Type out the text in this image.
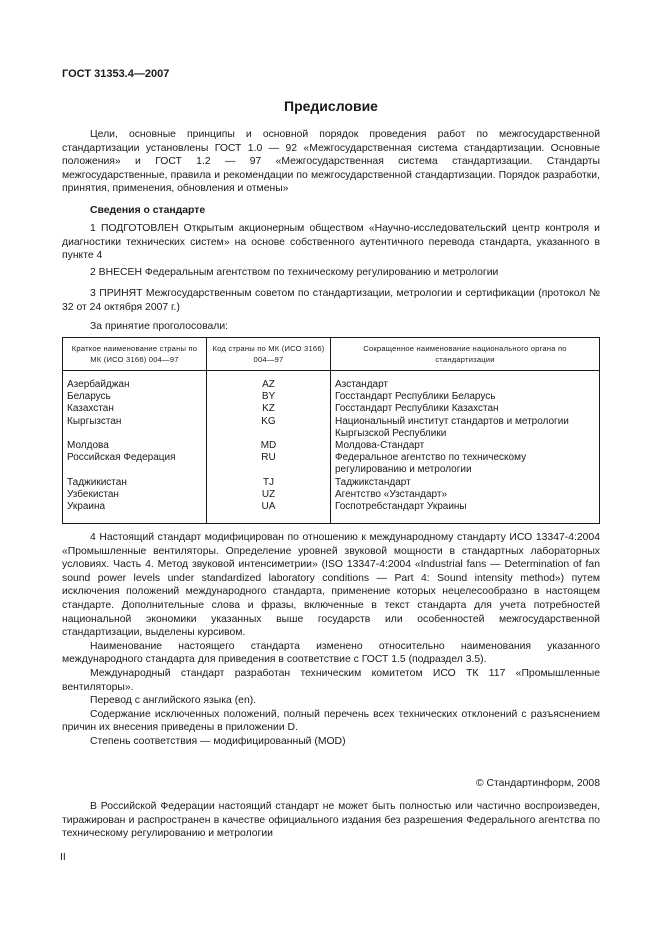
ГОСТ 31353.4—2007
Предисловие

Цели, основные принципы и основной порядок проведения работ по межгосударственной стандартизации установлены ГОСТ 1.0 — 92 «Межгосударственная система стандартизации. Основные положения» и ГОСТ 1.2 — 97 «Межгосударственная система стандартизации. Стандарты межгосударственные, правила и рекомендации по межгосударственной стандартизации. Порядок разработки, принятия, применения, обновления и отмены»

Сведения о стандарте

1 ПОДГОТОВЛЕН Открытым акционерным обществом «Научно-исследовательский центр контроля и диагностики технических систем» на основе собственного аутентичного перевода стандарта, указанного в пункте 4

2 ВНЕСЕН Федеральным агентством по техническому регулированию и метрологии

3 ПРИНЯТ Межгосударственным советом по стандартизации, метрологии и сертификации (протокол № 32 от 24 октября 2007 г.)

За принятие проголосовали:

Краткое наименование страны по МК (ИСО 3166) 004—97	Код страны по МК (ИСО 3166) 004—97	Сокращенное наименование национального органа по стандартизации

Азербайджан	AZ	Азстандарт
Беларусь	BY	Госстандарт Республики Беларусь
Казахстан	KZ	Госстандарт Республики Казахстан
Кыргызстан	KG	Национальный институт стандартов и метрологии Кыргызской Республики
Молдова	MD	Молдова-Стандарт
Российская Федерация	RU	Федеральное агентство по техническому регулированию и метрологии
Таджикистан	TJ	Таджикстандарт
Узбекистан	UZ	Агентство «Узстандарт»
Украина	UA	Госпотребстандарт Украины

4 Настоящий стандарт модифицирован по отношению к международному стандарту ИСО 13347-4:2004 «Промышленные вентиляторы. Определение уровней звуковой мощности в стандартных лабораторных условиях. Часть 4. Метод звуковой интенсиметрии» (ISO 13347-4:2004 «Industrial fans — Determination of fan sound power levels under standardized laboratory conditions — Part 4: Sound intensity method») путем исключения положений международного стандарта, применение которых нецелесообразно в настоящем стандарте. Дополнительные слова и фразы, включенные в текст стандарта для учета потребностей национальной экономики указанных выше государств или особенностей межгосударственной стандартизации, выделены курсивом.

Наименование настоящего стандарта изменено относительно наименования указанного международного стандарта для приведения в соответствие с ГОСТ 1.5 (подраздел 3.5).

Международный стандарт разработан техническим комитетом ИСО ТК 117 «Промышленные вентиляторы».

Перевод с английского языка (en).

Содержание исключенных положений, полный перечень всех технических отклонений с разъяснением причин их внесения приведены в приложении D.

Степень соответствия — модифицированный (MOD)

© Стандартинформ, 2008

В Российской Федерации настоящий стандарт не может быть полностью или частично воспроизведен, тиражирован и распространен в качестве официального издания без разрешения Федерального агентства по техническому регулированию и метрологии

II
